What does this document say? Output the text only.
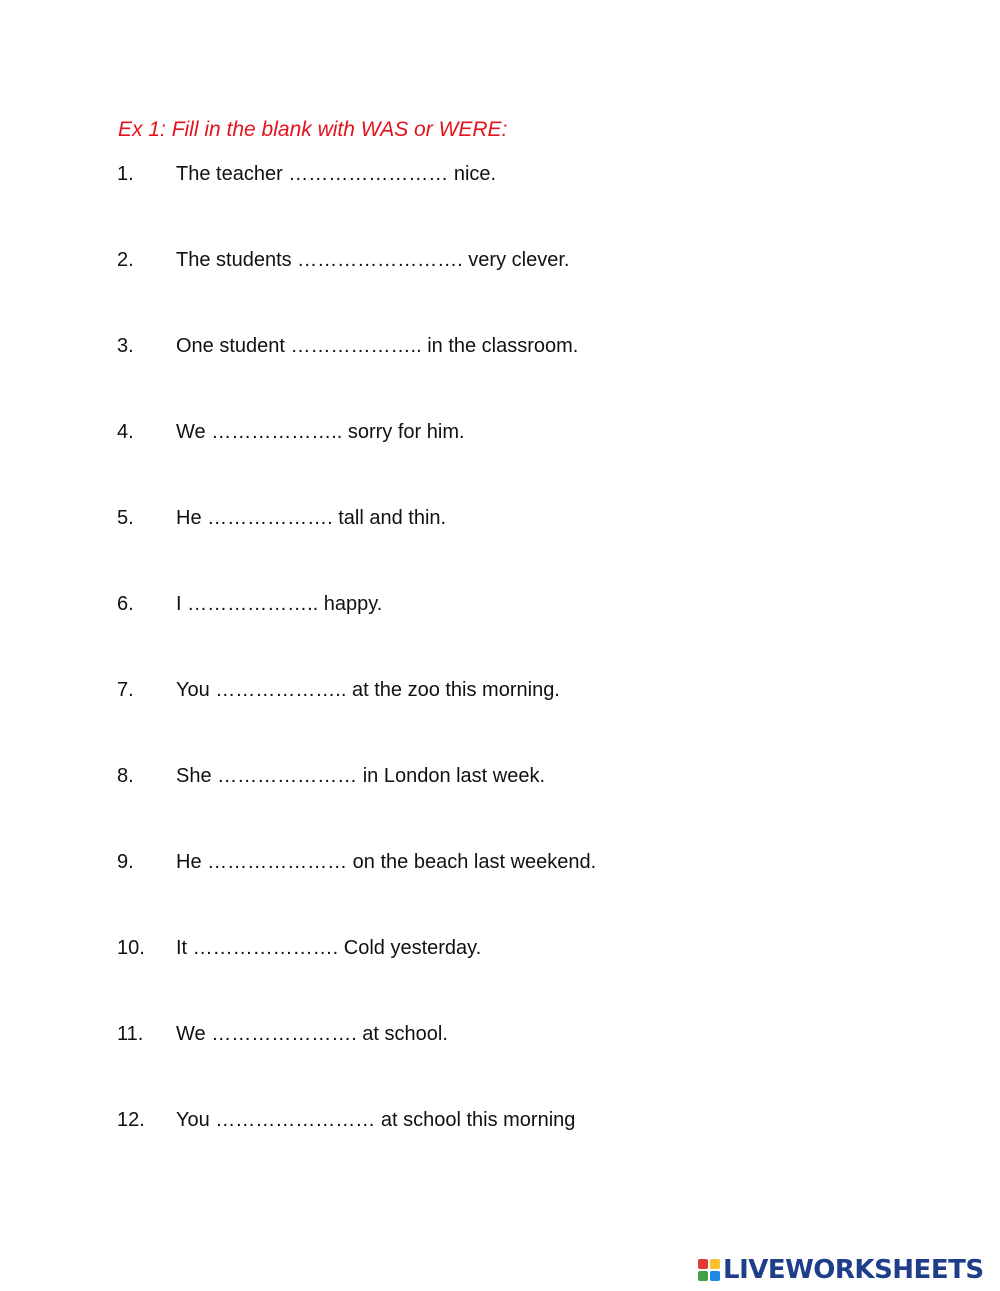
Ex 1: Fill in the blank with WAS or WERE:
1. The teacher …………………… nice.
2. The students ……………………. very clever.
3. One student ……………….. in the classroom.
4. We ……………….. sorry for him.
5. He ………………. tall and thin.
6. I ……………….. happy.
7. You ……………….. at the zoo this morning.
8. She ………………… in London last week.
9. He ………………… on the beach last weekend.
10. It …………………. Cold yesterday.
11. We …………………. at school.
12. You …………………… at school this morning
LIVEWORKSHEETS
